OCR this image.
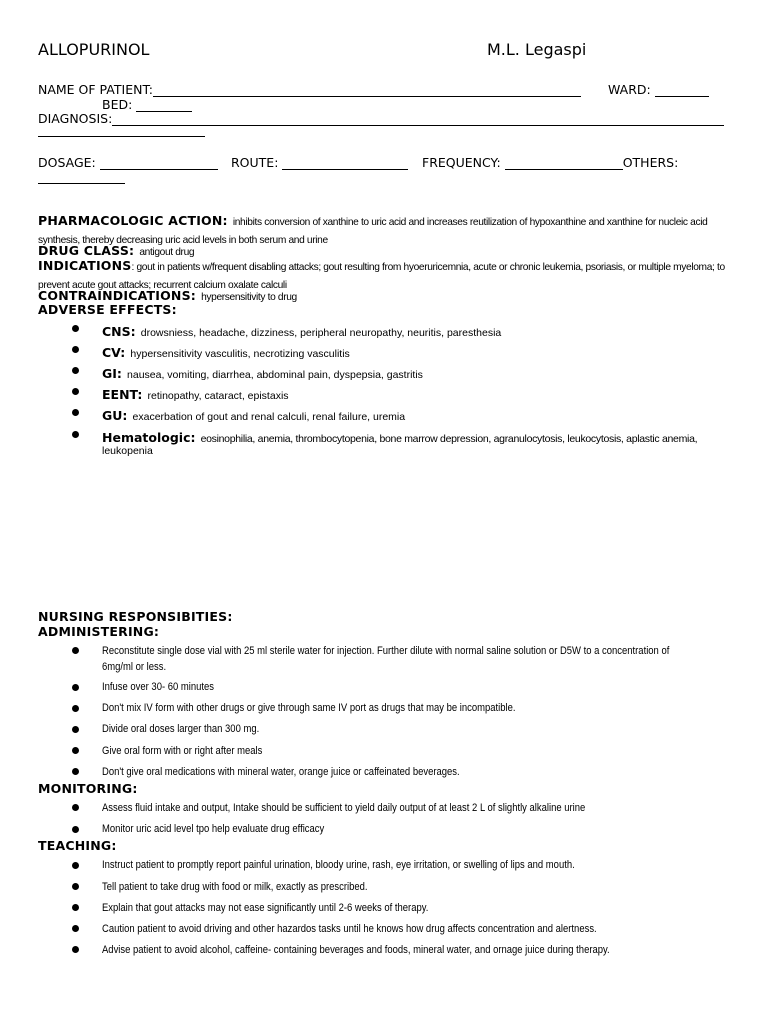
ALLOPURINOL	M.L. Legaspi
NAME OF PATIENT:	WARD:
BED:
DIAGNOSIS:
DOSAGE:	ROUTE:	FREQUENCY:	OTHERS:
PHARMACOLOGIC ACTION: inhibits conversion of xanthine to uric acid and increases reutilization of hypoxanthine and xanthine for nucleic acid synthesis, thereby decreasing uric acid levels in both serum and urine
DRUG CLASS: antigout drug
INDICATIONS: gout in patients w/frequent disabling attacks; gout resulting from hyoeruricemnia, acute or chronic leukemia, psoriasis, or multiple myeloma; to prevent acute gout attacks; recurrent calcium oxalate calculi
CONTRAINDICATIONS: hypersensitivity to drug
ADVERSE EFFECTS:
CNS: drowsniess, headache, dizziness, peripheral neuropathy, neuritis, paresthesia
CV: hypersensitivity vasculitis, necrotizing vasculitis
GI: nausea, vomiting, diarrhea, abdominal pain, dyspepsia, gastritis
EENT: retinopathy, cataract, epistaxis
GU: exacerbation of gout and renal calculi, renal failure, uremia
Hematologic: eosinophilia, anemia, thrombocytopenia, bone marrow depression, agranulocytosis, leukocytosis, aplastic anemia,
leukopenia
NURSING RESPONSIBITIES:
ADMINISTERING:
Reconstitute single dose vial with 25 ml sterile water for injection. Further dilute with normal saline solution or D5W to a concentration of
6mg/ml or less.
Infuse over 30- 60 minutes
Don't mix IV form with other drugs or give through same IV port as drugs that may be incompatible.
Divide oral doses larger than 300 mg.
Give oral form with or right after meals
Don't give oral medications with mineral water, orange juice or caffeinated beverages.
MONITORING:
Assess fluid intake and output, Intake should be sufficient to yield daily output of at least 2 L of slightly alkaline urine
Monitor uric acid level tpo help evaluate drug efficacy
TEACHING:
Instruct patient to promptly report painful urination, bloody urine, rash, eye irritation, or swelling of lips and mouth.
Tell patient to take drug with food or milk, exactly as prescribed.
Explain that gout attacks may not ease significantly until 2-6 weeks of therapy.
Caution patient to avoid driving and other hazardos tasks until he knows how drug affects concentration and alertness.
Advise patient to avoid alcohol, caffeine- containing beverages and foods, mineral water, and ornage juice during therapy.
